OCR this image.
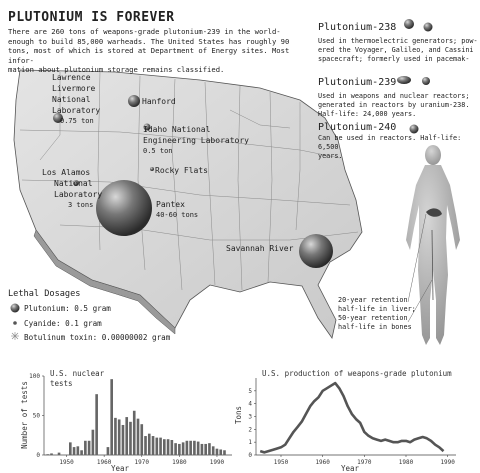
PLUTONIUM IS FOREVER
There are 260 tons of weapons-grade plutonium-239 in the world-
enough to build 85,000 warheads. The United States has roughly 90
tons, most of which is stored at Department of Energy sites. Most infor-
mation about plutonium storage remains classified.
Plutonium-238
Used in thermoelectric generators; pow-
ered the Voyager, Galileo, and Cassini
spacecraft; formerly used in pacemak-
Plutonium-239
Used in weapons and nuclear reactors;
generated in reactors by uranium-238.
Half-life: 24,000 years.
Plutonium-240
Can be used in reactors. Half-life: 6,500
years.
Lawrence
Livermore
National
Laboratory
0.75 ton
Hanford
Idaho National
Engineering Laboratory
0.5 ton
Rocky Flats
Los Alamos
National
Laboratory
3 tons	Pantex
40-60 tons
Savannah River
20-year retention
half-life in liver;
50-year retention
half-life in bones
Lethal Dosages
Plutonium: 0.5 gram
Cyanide: 0.1 gram
Botulinum toxin: 0.00000002 gram
1950	1960	1970	1980	1990
0
50
100 U.S. nuclear
tests
Year
Number of tests
1950	1960	1970	1980	1990
0
1
2
3
4
5
U.S. production of weapons-grade plutonium
Year
Tons
